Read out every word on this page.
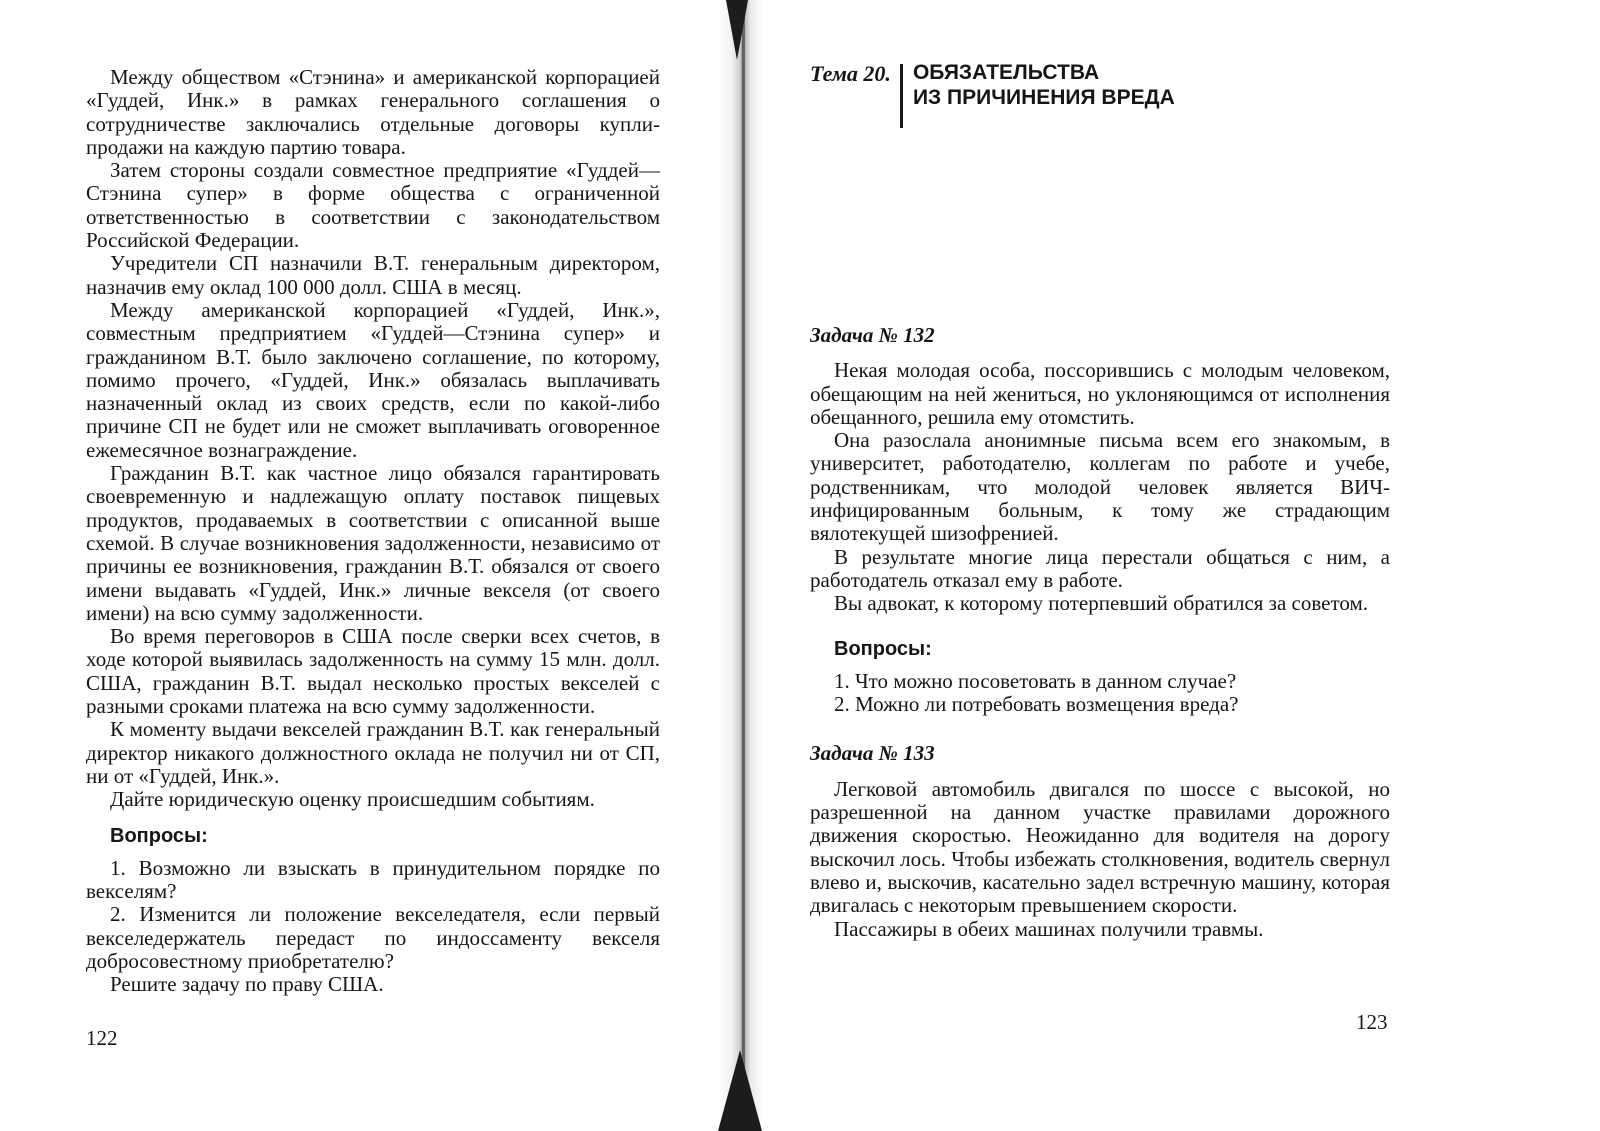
Между обществом «Стэнина» и американской корпорацией «Гуддей, Инк.» в рамках генерального соглашения о сотрудничестве заключались отдельные договоры купли-продажи на каждую партию товара.

Затем стороны создали совместное предприятие «Гуддей—Стэнина супер» в форме общества с ограниченной ответственностью в соответствии с законодательством Российской Федерации.

Учредители СП назначили В.Т. генеральным директором, назначив ему оклад 100 000 долл. США в месяц.

Между американской корпорацией «Гуддей, Инк.», совместным предприятием «Гуддей—Стэнина супер» и гражданином В.Т. было заключено соглашение, по которому, помимо прочего, «Гуддей, Инк.» обязалась выплачивать назначенный оклад из своих средств, если по какой-либо причине СП не будет или не сможет выплачивать оговоренное ежемесячное вознаграждение.

Гражданин В.Т. как частное лицо обязался гарантировать своевременную и надлежащую оплату поставок пищевых продуктов, продаваемых в соответствии с описанной выше схемой. В случае возникновения задолженности, независимо от причины ее возникновения, гражданин В.Т. обязался от своего имени выдавать «Гуддей, Инк.» личные векселя (от своего имени) на всю сумму задолженности.

Во время переговоров в США после сверки всех счетов, в ходе которой выявилась задолженность на сумму 15 млн. долл. США, гражданин В.Т. выдал несколько простых векселей с разными сроками платежа на всю сумму задолженности.

К моменту выдачи векселей гражданин В.Т. как генеральный директор никакого должностного оклада не получил ни от СП, ни от «Гуддей, Инк.».

Дайте юридическую оценку происшедшим событиям.

Вопросы:

1. Возможно ли взыскать в принудительном порядке по векселям?

2. Изменится ли положение векселедателя, если первый векселедержатель передаст по индоссаменту векселя добросовестному приобретателю?

Решите задачу по праву США.

122
Тема 20.	ОБЯЗАТЕЛЬСТВА
ИЗ ПРИЧИНЕНИЯ ВРЕДА
Задача № 132

Некая молодая особа, поссорившись с молодым человеком, обещающим на ней жениться, но уклоняющимся от исполнения обещанного, решила ему отомстить.

Она разослала анонимные письма всем его знакомым, в университет, работодателю, коллегам по работе и учебе, родственникам, что молодой человек является ВИЧ-инфицированным больным, к тому же страдающим вялотекущей шизофренией.

В результате многие лица перестали общаться с ним, а работодатель отказал ему в работе.

Вы адвокат, к которому потерпевший обратился за советом.

Вопросы:

1. Что можно посоветовать в данном случае?

2. Можно ли потребовать возмещения вреда?

Задача № 133

Легковой автомобиль двигался по шоссе с высокой, но разрешенной на данном участке правилами дорожного движения скоростью. Неожиданно для водителя на дорогу выскочил лось. Чтобы избежать столкновения, водитель свернул влево и, выскочив, касательно задел встречную машину, которая двигалась с некоторым превышением скорости.

Пассажиры в обеих машинах получили травмы.

123
